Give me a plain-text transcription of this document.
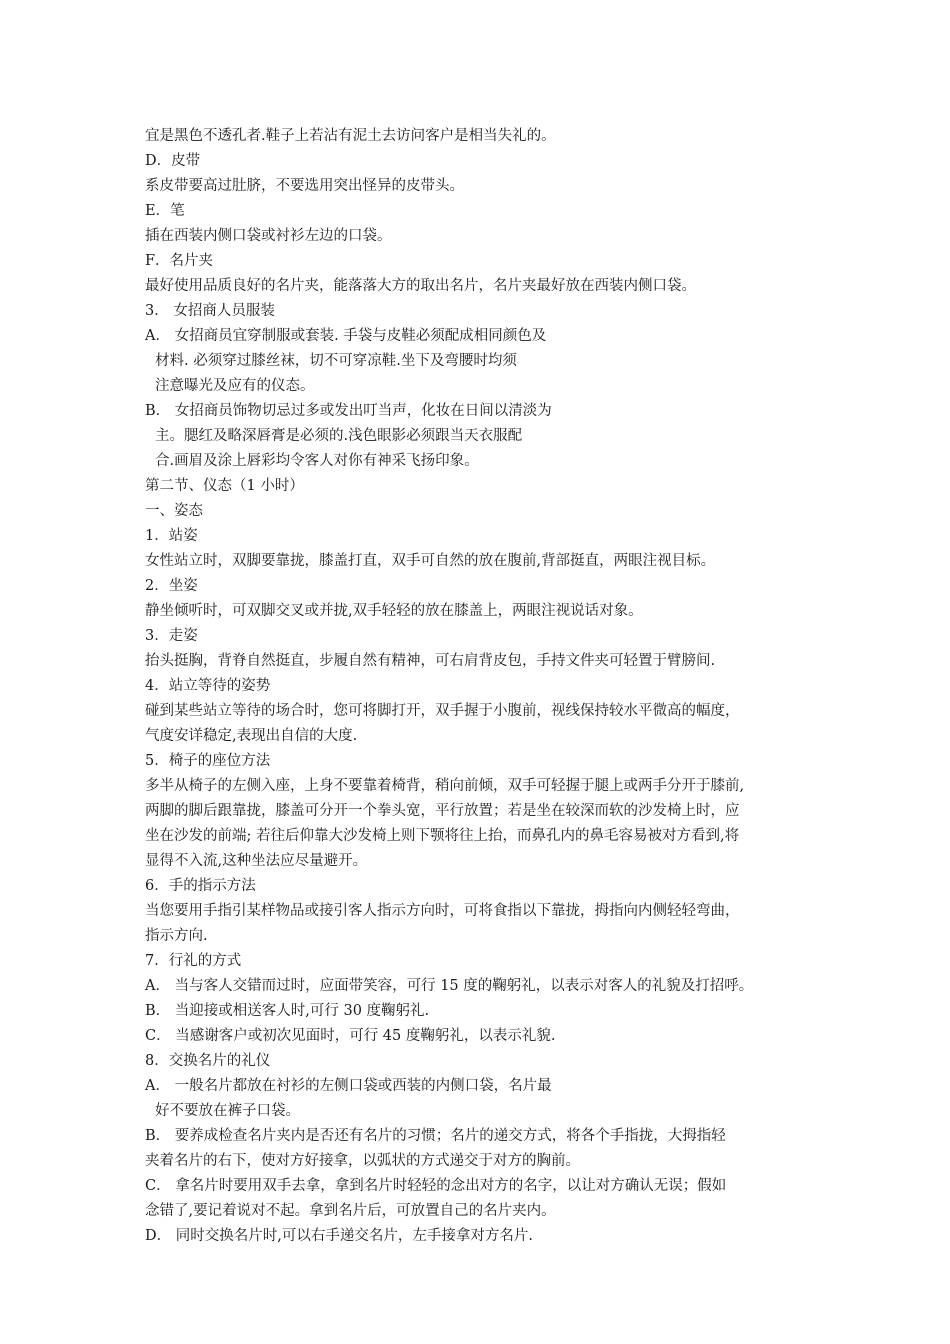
宜是黑色不透孔者.鞋子上若沾有泥土去访问客户是相当失礼的。
D．皮带
系皮带要高过肚脐，不要选用突出怪异的皮带头。
E．笔
插在西装内侧口袋或衬衫左边的口袋。
F．名片夹
最好使用品质良好的名片夹，能落落大方的取出名片，名片夹最好放在西装内侧口袋。
3． 女招商人员服装
A． 女招商员宜穿制服或套装. 手袋与皮鞋必须配成相同颜色及
材料. 必须穿过膝丝袜，切不可穿凉鞋.坐下及弯腰时均须
注意曝光及应有的仪态。
B． 女招商员饰物切忌过多或发出叮当声，化妆在日间以清淡为
主。腮红及略深唇膏是必须的.浅色眼影必须跟当天衣服配
合.画眉及涂上唇彩均令客人对你有神采飞扬印象。
第二节、仪态（1 小时）
一、姿态
1．站姿
女性站立时，双脚要靠拢，膝盖打直，双手可自然的放在腹前,背部挺直，两眼注视目标。
2．坐姿
静坐倾听时，可双脚交叉或并拢,双手轻轻的放在膝盖上，两眼注视说话对象。
3．走姿
抬头挺胸，背脊自然挺直，步履自然有精神，可右肩背皮包，手持文件夹可轻置于臂膀间.
4．站立等待的姿势
碰到某些站立等待的场合时，您可将脚打开，双手握于小腹前，视线保持较水平微高的幅度，
气度安详稳定,表现出自信的大度.
5．椅子的座位方法
多半从椅子的左侧入座，上身不要靠着椅背，稍向前倾，双手可轻握于腿上或两手分开于膝前,
两脚的脚后跟靠拢，膝盖可分开一个拳头宽，平行放置；若是坐在较深而软的沙发椅上时，应
坐在沙发的前端; 若往后仰靠大沙发椅上则下颚将往上抬，而鼻孔内的鼻毛容易被对方看到,将
显得不入流,这种坐法应尽量避开。
6．手的指示方法
当您要用手指引某样物品或接引客人指示方向时，可将食指以下靠拢，拇指向内侧轻轻弯曲，
指示方向.
7．行礼的方式
A． 当与客人交错而过时，应面带笑容，可行 15 度的鞠躬礼，以表示对客人的礼貌及打招呼。
B． 当迎接或相送客人时,可行 30 度鞠躬礼.
C． 当感谢客户或初次见面时，可行 45 度鞠躬礼，以表示礼貌.
8．交换名片的礼仪
A． 一般名片都放在衬衫的左侧口袋或西装的内侧口袋，名片最
好不要放在裤子口袋。
B． 要养成检查名片夹内是否还有名片的习惯；名片的递交方式，将各个手指拢，大拇指轻
夹着名片的右下，使对方好接拿，以弧状的方式递交于对方的胸前。
C． 拿名片时要用双手去拿，拿到名片时轻轻的念出对方的名字，以让对方确认无误；假如
念错了,要记着说对不起。拿到名片后，可放置自己的名片夹内。
D． 同时交换名片时,可以右手递交名片，左手接拿对方名片.
